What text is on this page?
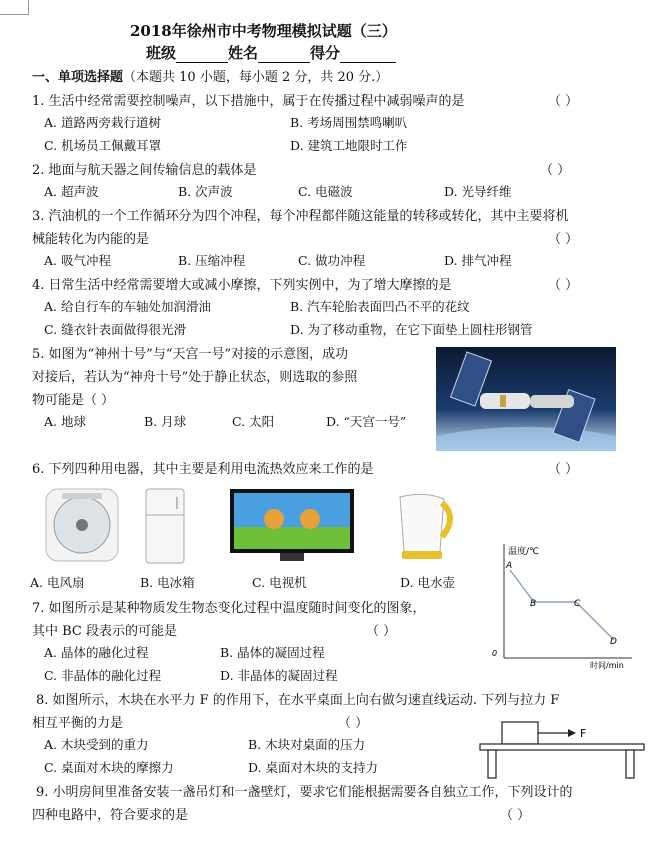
2018年徐州市中考物理模拟试题（三）
班级	姓名	得分
一、单项选择题（本题共 10 小题，每小题 2 分，共 20 分.）
1. 生活中经常需要控制噪声，以下措施中，属于在传播过程中减弱噪声的是	（ ）
A. 道路两旁栽行道树	B. 考场周围禁鸣喇叭
C. 机场员工佩戴耳罩	D. 建筑工地限时工作
2. 地面与航天器之间传输信息的载体是	（ ）
A. 超声波	B. 次声波	C. 电磁波	D. 光导纤维
3. 汽油机的一个工作循环分为四个冲程，每个冲程都伴随这能量的转移或转化，其中主要将机
械能转化为内能的是	（ ）
A. 吸气冲程	B. 压缩冲程	C. 做功冲程	D. 排气冲程
4. 日常生活中经常需要增大或减小摩擦，下列实例中，为了增大摩擦的是	（ ）
A. 给自行车的车轴处加润滑油	B. 汽车轮胎表面凹凸不平的花纹
C. 缝衣针表面做得很光滑	D. 为了移动重物，在它下面垫上圆柱形钢管
5. 如图为“神州十号”与“天宫一号”对接的示意图，成功
对接后，若认为“神舟十号”处于静止状态，则选取的参照
物可能是（ ）
A. 地球	B. 月球	C. 太阳	D. “天宫一号”
6. 下列四种用电器，其中主要是利用电流热效应来工作的是	（ ）
A. 电风扇	B. 电冰箱	C. 电视机	D. 电水壶
温度/℃
时间/min
0
A
B	C
D
7. 如图所示是某种物质发生物态变化过程中温度随时间变化的图象，
其中 BC 段表示的可能是	（ ）
A. 晶体的融化过程	B. 晶体的凝固过程
C. 非晶体的融化过程	D. 非晶体的凝固过程
8. 如图所示，木块在水平力 F 的作用下，在水平桌面上向右做匀速直线运动. 下列与拉力 F
相互平衡的力是	（ ）
A. 木块受到的重力	B. 木块对桌面的压力
C. 桌面对木块的摩擦力	D. 桌面对木块的支持力
F
9. 小明房间里准备安装一盏吊灯和一盏壁灯，要求它们能根据需要各自独立工作，下列设计的
四种电路中，符合要求的是	（ ）
